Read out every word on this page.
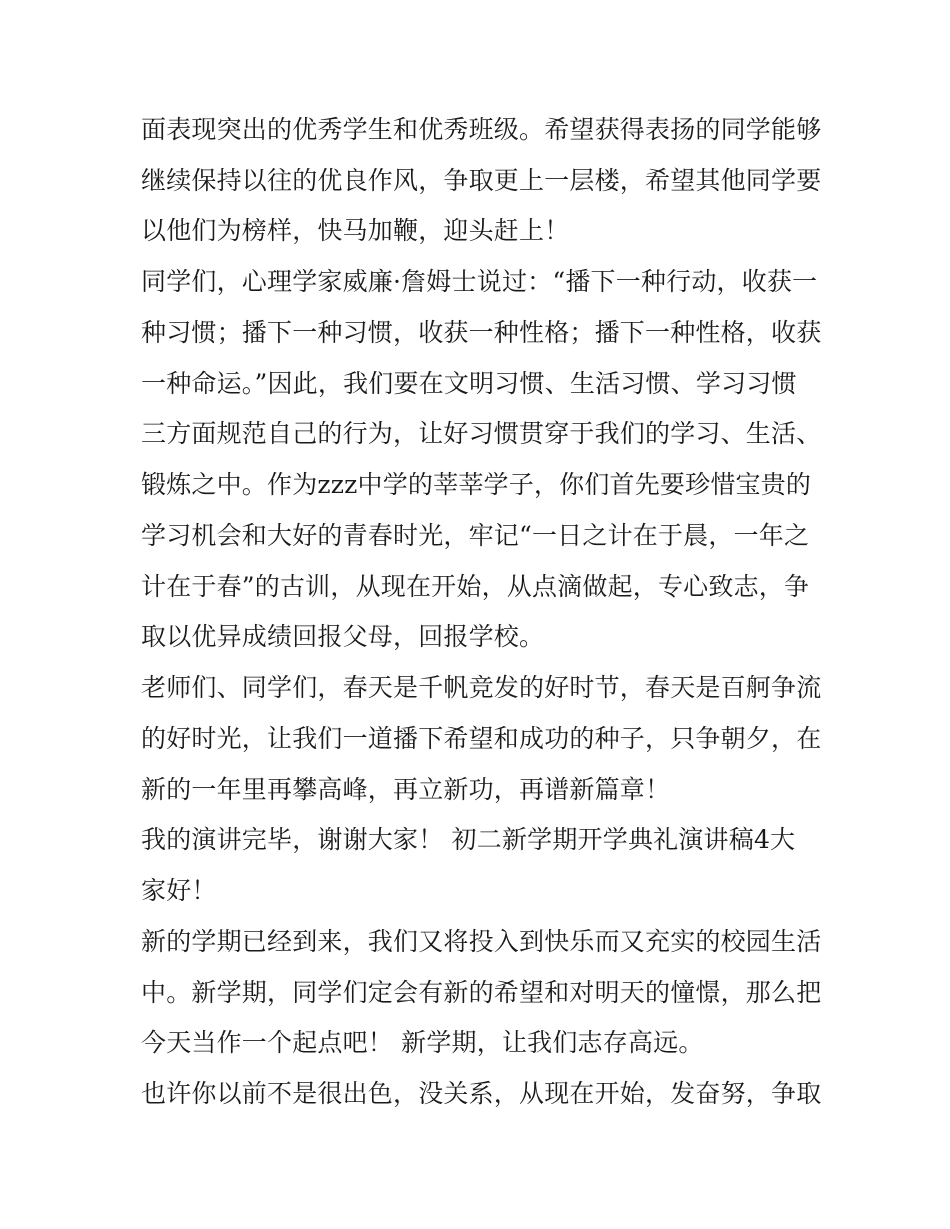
面表现突出的优秀学生和优秀班级。希望获得表扬的同学能够
继续保持以往的优良作风，争取更上一层楼，希望其他同学要
以他们为榜样，快马加鞭，迎头赶上！
同学们，心理学家威廉·詹姆士说过：“播下一种行动，收获一
种习惯；播下一种习惯，收获一种性格；播下一种性格，收获
一种命运。”因此，我们要在文明习惯、生活习惯、学习习惯
三方面规范自己的行为，让好习惯贯穿于我们的学习、生活、
锻炼之中。作为zzz中学的莘莘学子，你们首先要珍惜宝贵的
学习机会和大好的青春时光，牢记“一日之计在于晨，一年之
计在于春”的古训，从现在开始，从点滴做起，专心致志，争
取以优异成绩回报父母，回报学校。
老师们、同学们，春天是千帆竞发的好时节，春天是百舸争流
的好时光，让我们一道播下希望和成功的种子，只争朝夕，在
新的一年里再攀高峰，再立新功，再谱新篇章！
我的演讲完毕，谢谢大家！ 初二新学期开学典礼演讲稿4大
家好！
新的学期已经到来，我们又将投入到快乐而又充实的校园生活
中。新学期，同学们定会有新的希望和对明天的憧憬，那么把
今天当作一个起点吧！ 新学期，让我们志存高远。
也许你以前不是很出色，没关系，从现在开始，发奋努，争取
